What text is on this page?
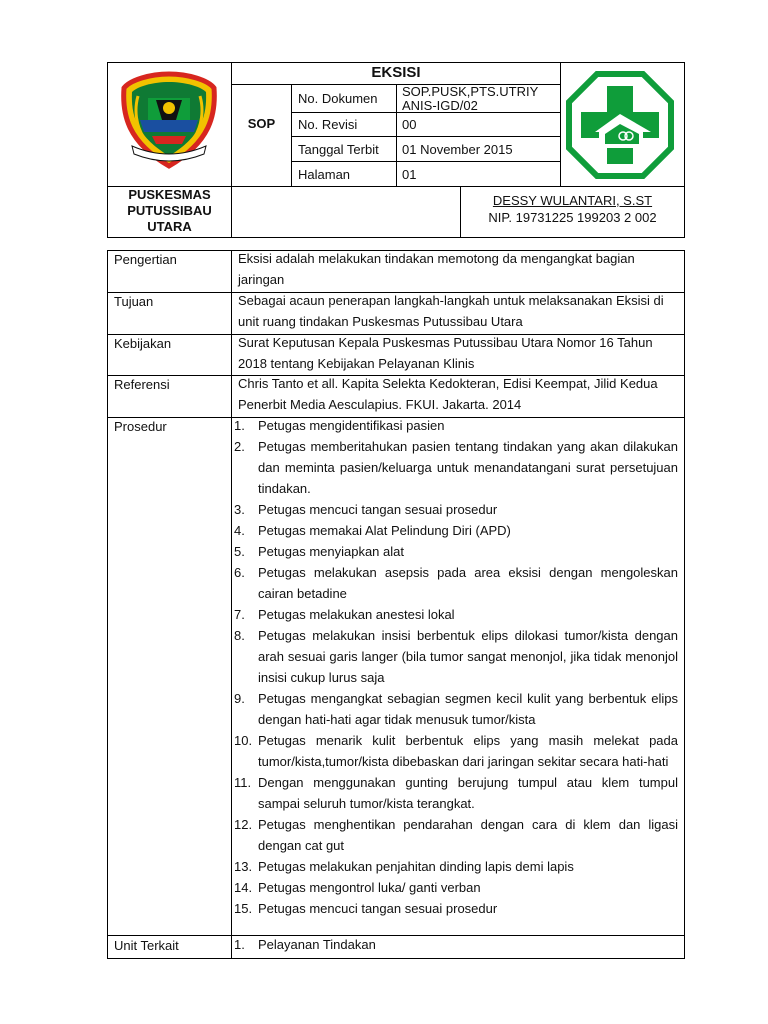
EKSISI
SOP
No. Dokumen SOP.PUSK,PTS.UTRIY ANIS-IGD/02
No. Revisi	00
Tanggal Terbit 01 November 2015
Halaman	01
PUSKESMAS
PUTUSSIBAU
UTARA
DESSY WULANTARI, S.ST
NIP. 19731225 199203 2 002
Pengertian	Eksisi adalah melakukan tindakan memotong da mengangkat bagian jaringan
Tujuan	Sebagai acaun penerapan langkah-langkah untuk melaksanakan Eksisi di unit ruang tindakan Puskesmas Putussibau Utara
Kebijakan	Surat Keputusan Kepala Puskesmas Putussibau Utara Nomor 16 Tahun 2018 tentang Kebijakan Pelayanan Klinis
Referensi	Chris Tanto et all. Kapita Selekta Kedokteran, Edisi Keempat, Jilid Kedua Penerbit Media Aesculapius. FKUI. Jakarta. 2014
Prosedur	1. Petugas mengidentifikasi pasien
2. Petugas memberitahukan pasien tentang tindakan yang akan dilakukan dan meminta pasien/keluarga untuk menandatangani surat persetujuan tindakan.
3. Petugas mencuci tangan sesuai prosedur
4. Petugas memakai Alat Pelindung Diri (APD)
5. Petugas menyiapkan alat
6. Petugas melakukan asepsis pada area eksisi dengan mengoleskan cairan betadine
7. Petugas melakukan anestesi lokal
8. Petugas melakukan insisi berbentuk elips dilokasi tumor/kista dengan arah sesuai garis langer (bila tumor sangat menonjol, jika tidak menonjol insisi cukup lurus saja
9. Petugas mengangkat sebagian segmen kecil kulit yang berbentuk elips dengan hati-hati agar tidak menusuk tumor/kista
10. Petugas menarik kulit berbentuk elips yang masih melekat pada tumor/kista,tumor/kista dibebaskan dari jaringan sekitar secara hati-hati
11. Dengan menggunakan gunting berujung tumpul atau klem tumpul sampai seluruh tumor/kista terangkat.
12. Petugas menghentikan pendarahan dengan cara di klem dan ligasi dengan cat gut
13. Petugas melakukan penjahitan dinding lapis demi lapis
14. Petugas mengontrol luka/ ganti verban
15. Petugas mencuci tangan sesuai prosedur
Unit Terkait	1. Pelayanan Tindakan
